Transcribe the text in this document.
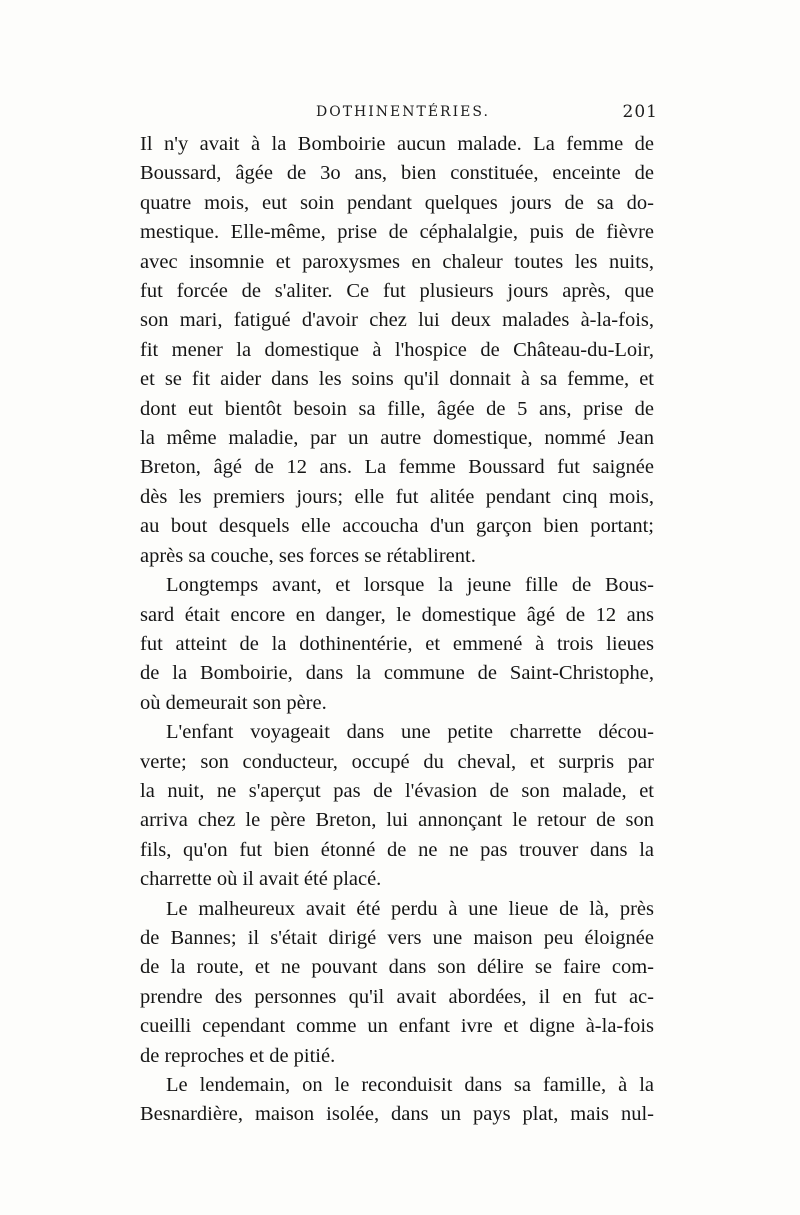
DOTHINENTÉRIES.	201
Il n'y avait à la Bomboirie aucun malade. La femme de
Boussard, âgée de 3o ans, bien constituée, enceinte de
quatre mois, eut soin pendant quelques jours de sa do-
mestique. Elle-même, prise de céphalalgie, puis de fièvre
avec insomnie et paroxysmes en chaleur toutes les nuits,
fut forcée de s'aliter. Ce fut plusieurs jours après, que
son mari, fatigué d'avoir chez lui deux malades à-la-fois,
fit mener la domestique à l'hospice de Château-du-Loir,
et se fit aider dans les soins qu'il donnait à sa femme, et
dont eut bientôt besoin sa fille, âgée de 5 ans, prise de
la même maladie, par un autre domestique, nommé Jean
Breton, âgé de 12 ans. La femme Boussard fut saignée
dès les premiers jours; elle fut alitée pendant cinq mois,
au bout desquels elle accoucha d'un garçon bien portant;
après sa couche, ses forces se rétablirent.
Longtemps avant, et lorsque la jeune fille de Bous-
sard était encore en danger, le domestique âgé de 12 ans
fut atteint de la dothinentérie, et emmené à trois lieues
de la Bomboirie, dans la commune de Saint-Christophe,
où demeurait son père.
L'enfant voyageait dans une petite charrette décou-
verte; son conducteur, occupé du cheval, et surpris par
la nuit, ne s'aperçut pas de l'évasion de son malade, et
arriva chez le père Breton, lui annonçant le retour de son
fils, qu'on fut bien étonné de ne ne pas trouver dans la
charrette où il avait été placé.
Le malheureux avait été perdu à une lieue de là, près
de Bannes; il s'était dirigé vers une maison peu éloignée
de la route, et ne pouvant dans son délire se faire com-
prendre des personnes qu'il avait abordées, il en fut ac-
cueilli cependant comme un enfant ivre et digne à-la-fois
de reproches et de pitié.
Le lendemain, on le reconduisit dans sa famille, à la
Besnardière, maison isolée, dans un pays plat, mais nul-
